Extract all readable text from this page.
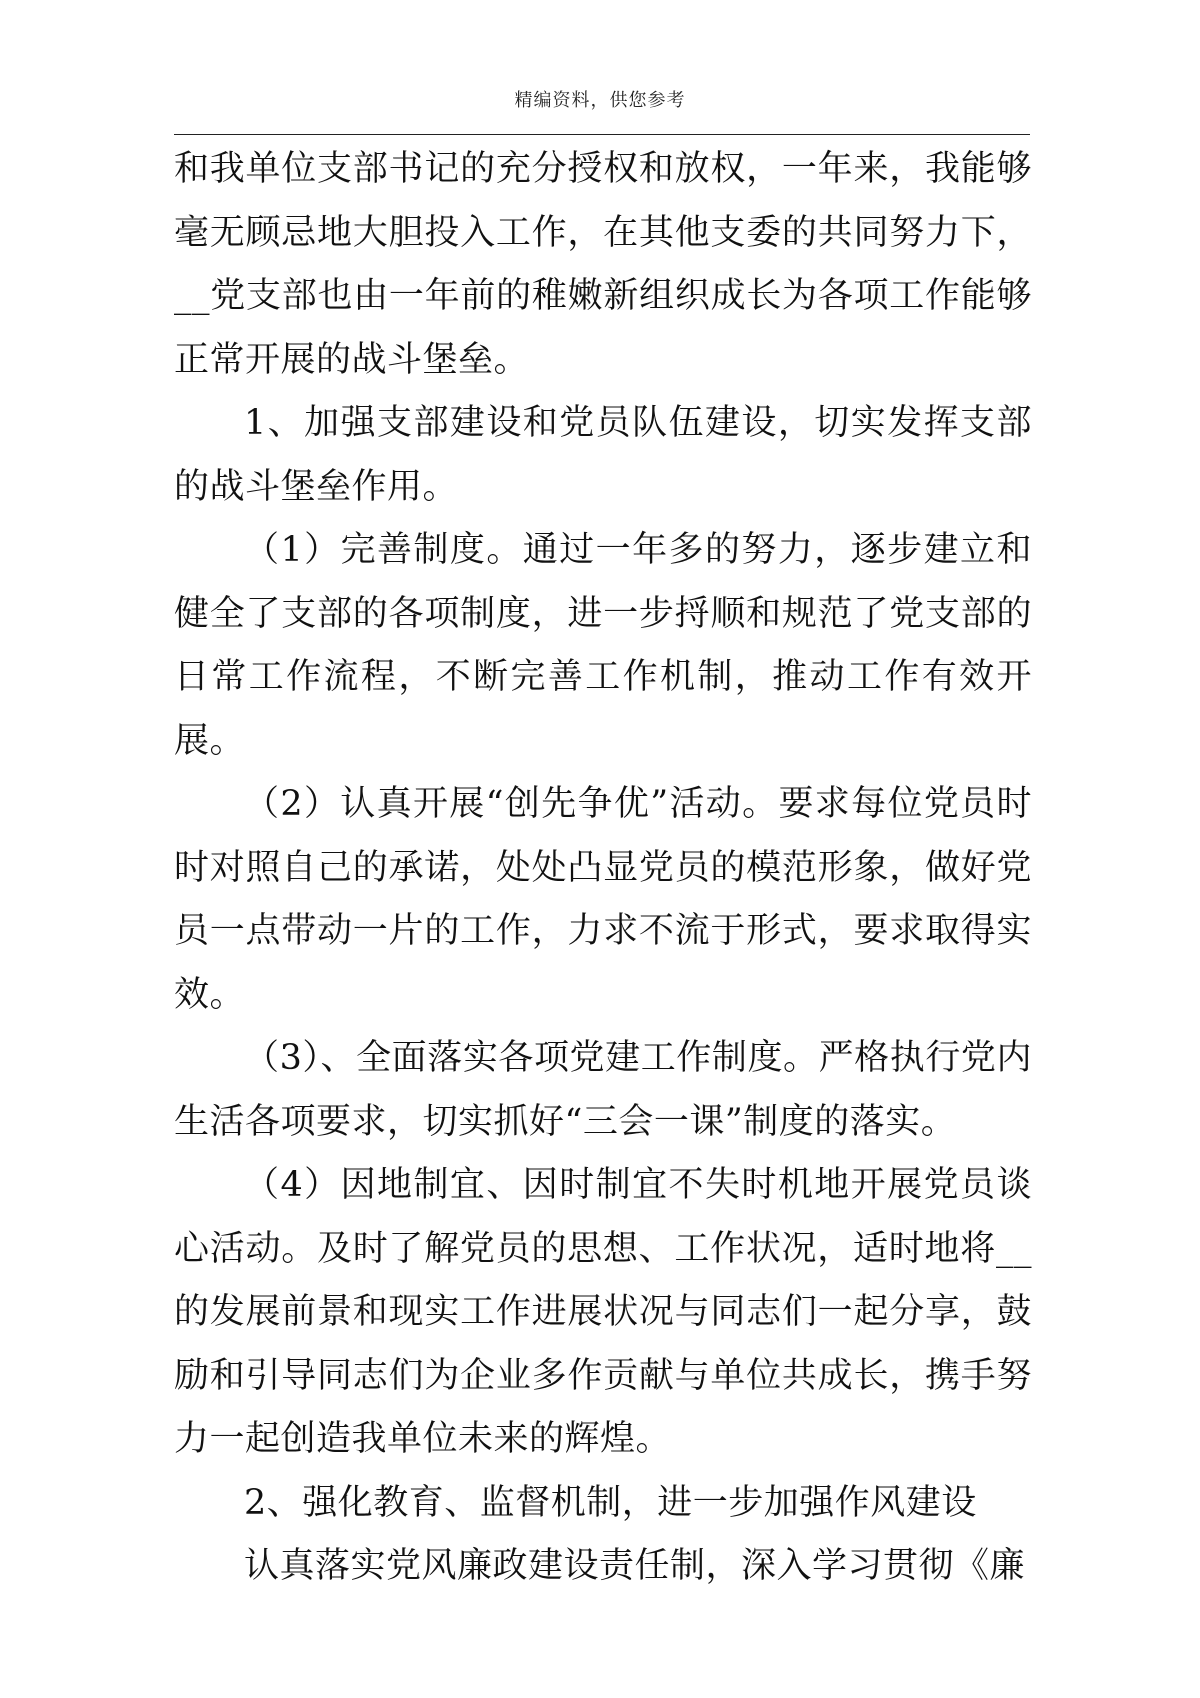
精编资料，供您参考

和我单位支部书记的充分授权和放权，一年来，我能够毫无顾忌地大胆投入工作，在其他支委的共同努力下，__党支部也由一年前的稚嫩新组织成长为各项工作能够正常开展的战斗堡垒。

1、加强支部建设和党员队伍建设，切实发挥支部的战斗堡垒作用。

（1）完善制度。通过一年多的努力，逐步建立和健全了支部的各项制度，进一步捋顺和规范了党支部的日常工作流程，不断完善工作机制，推动工作有效开展。

（2）认真开展“创先争优”活动。要求每位党员时时对照自己的承诺，处处凸显党员的模范形象，做好党员一点带动一片的工作，力求不流于形式，要求取得实效。

（3）、全面落实各项党建工作制度。严格执行党内生活各项要求，切实抓好“三会一课”制度的落实。

（4）因地制宜、因时制宜不失时机地开展党员谈心活动。及时了解党员的思想、工作状况，适时地将__的发展前景和现实工作进展状况与同志们一起分享，鼓励和引导同志们为企业多作贡献与单位共成长，携手努力一起创造我单位未来的辉煌。

2、强化教育、监督机制，进一步加强作风建设

认真落实党风廉政建设责任制，深入学习贯彻《廉
